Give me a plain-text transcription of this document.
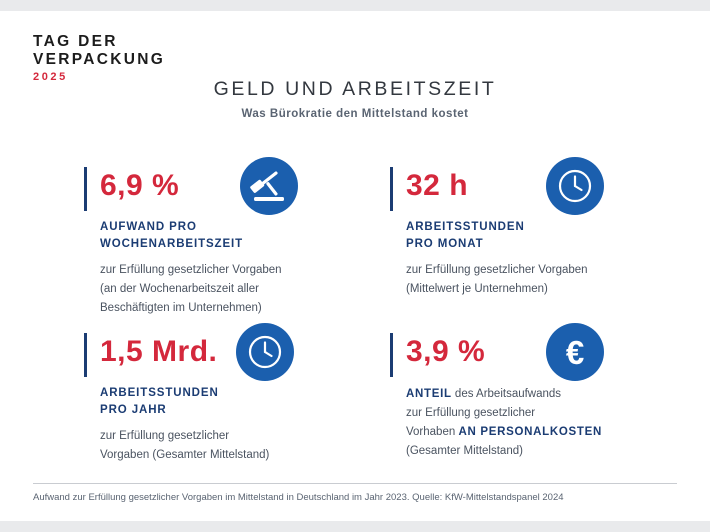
TAG DER
VERPACKUNG
2025
GELD UND ARBEITSZEIT
Was Bürokratie den Mittelstand kostet
6,9 %

AUFWAND PRO

WOCHENARBEITSZEIT

zur Erfüllung gesetzlicher Vorgaben

(an der Wochenarbeitszeit aller

Beschäftigten im Unternehmen)

32 h

ARBEITSSTUNDEN

PRO MONAT

zur Erfüllung gesetzlicher Vorgaben

(Mittelwert je Unternehmen)

1,5 Mrd.

ARBEITSSTUNDEN

PRO JAHR

zur Erfüllung gesetzlicher

Vorgaben (Gesamter Mittelstand)

3,9 % €

ANTEIL des Arbeitsaufwands

zur Erfüllung gesetzlicher

Vorhaben AN PERSONALKOSTEN

(Gesamter Mittelstand)

Aufwand zur Erfüllung gesetzlicher Vorgaben im Mittelstand in Deutschland im Jahr 2023. Quelle: KfW-Mittelstandspanel 2024
